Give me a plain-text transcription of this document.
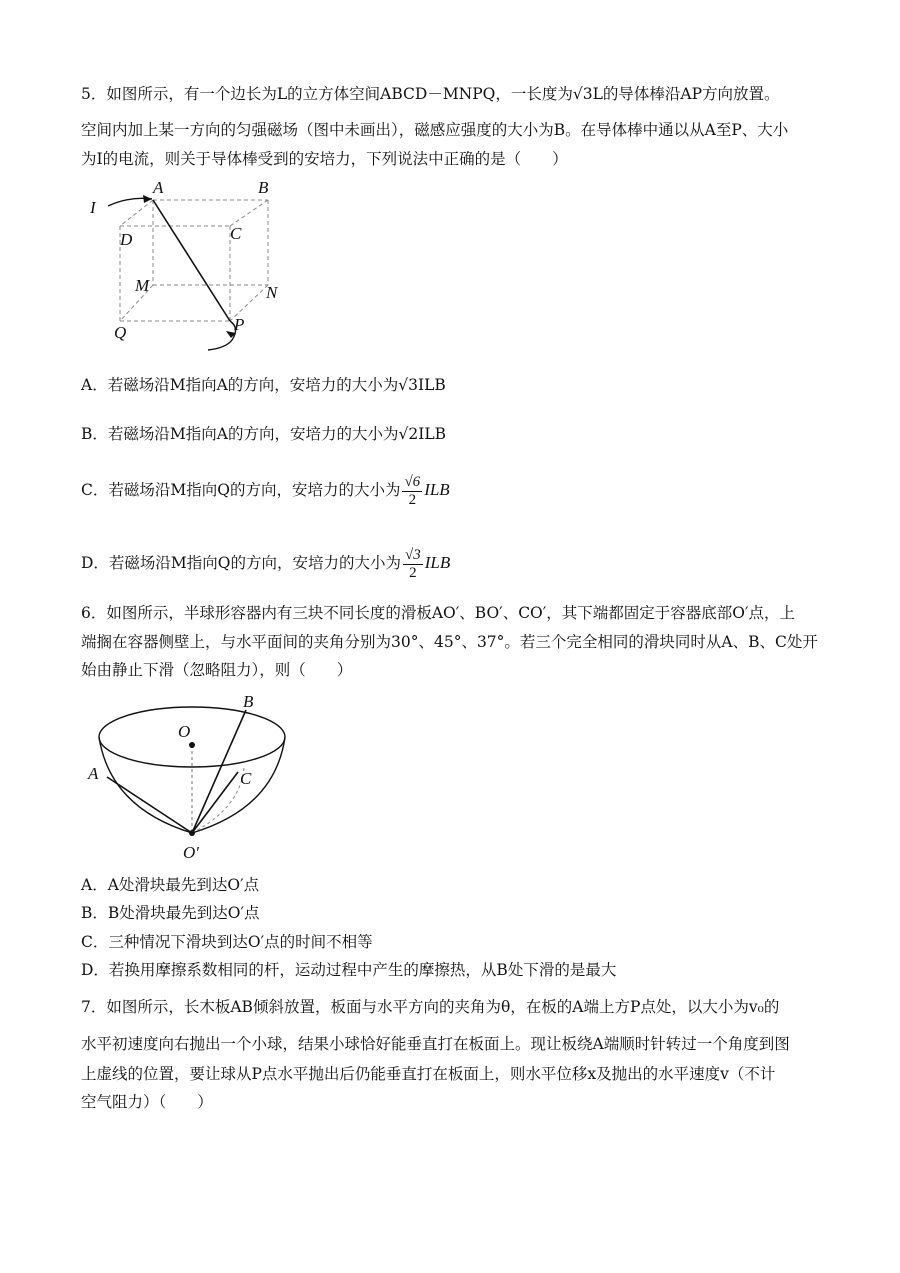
5．如图所示，有一个边长为L的立方体空间ABCD－MNPQ，一长度为√3L的导体棒沿AP方向放置。
空间内加上某一方向的匀强磁场（图中未画出），磁感应强度的大小为B。在导体棒中通以从A至P、大小
为I的电流，则关于导体棒受到的安培力，下列说法中正确的是（　　）
I
A	B
D	C
M	N
Q	P
A．若磁场沿M指向A的方向，安培力的大小为√3ILB
B．若磁场沿M指向A的方向，安培力的大小为√2ILB
C．若磁场沿M指向Q的方向，安培力的大小为 $\frac{√6}{2}$ ILB
D．若磁场沿M指向Q的方向，安培力的大小为 $\frac{√3}{2}$ ILB
6．如图所示，半球形容器内有三块不同长度的滑板AO′、BO′、CO′，其下端都固定于容器底部O′点，上
端搁在容器侧壁上，与水平面间的夹角分别为30°、45°、37°。若三个完全相同的滑块同时从A、B、C处开
始由静止下滑（忽略阻力），则（　　）
O
B
A	C
O′
A．A处滑块最先到达O′点
B．B处滑块最先到达O′点
C．三种情况下滑块到达O′点的时间不相等
D．若换用摩擦系数相同的杆，运动过程中产生的摩擦热，从B处下滑的是最大
7．如图所示，长木板AB倾斜放置，板面与水平方向的夹角为θ，在板的A端上方P点处，以大小为v₀的
水平初速度向右抛出一个小球，结果小球恰好能垂直打在板面上。现让板绕A端顺时针转过一个角度到图
上虚线的位置，要让球从P点水平抛出后仍能垂直打在板面上，则水平位移x及抛出的水平速度v（不计
空气阻力）（　　）
